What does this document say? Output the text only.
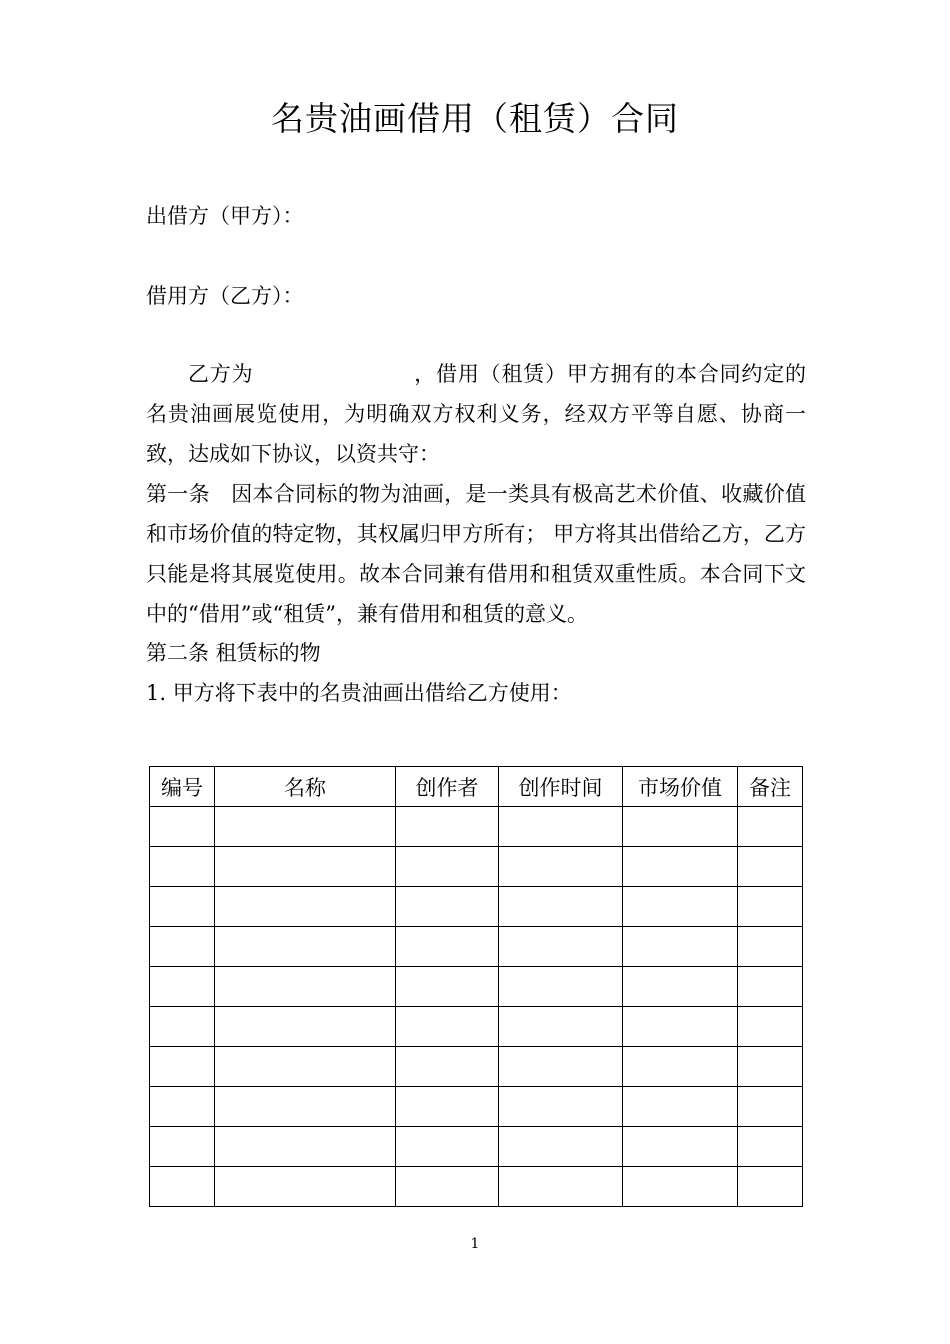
名贵油画借用（租赁）合同
出借方（甲方）：
借用方（乙方）：
乙方为	，借用（租赁）甲方拥有的本合同约定的名贵油画展览使用，为明确双方权利义务，经双方平等自愿、协商一致，达成如下协议，以资共守：
第一条　因本合同标的物为油画，是一类具有极高艺术价值、收藏价值和市场价值的特定物，其权属归甲方所有； 甲方将其出借给乙方，乙方只能是将其展览使用。故本合同兼有借用和租赁双重性质。本合同下文中的“借用”或“租赁”，兼有借用和租赁的意义。
第二条 租赁标的物
1. 甲方将下表中的名贵油画出借给乙方使用：
编号	名称	创作者	创作时间	市场价值	备注

1
